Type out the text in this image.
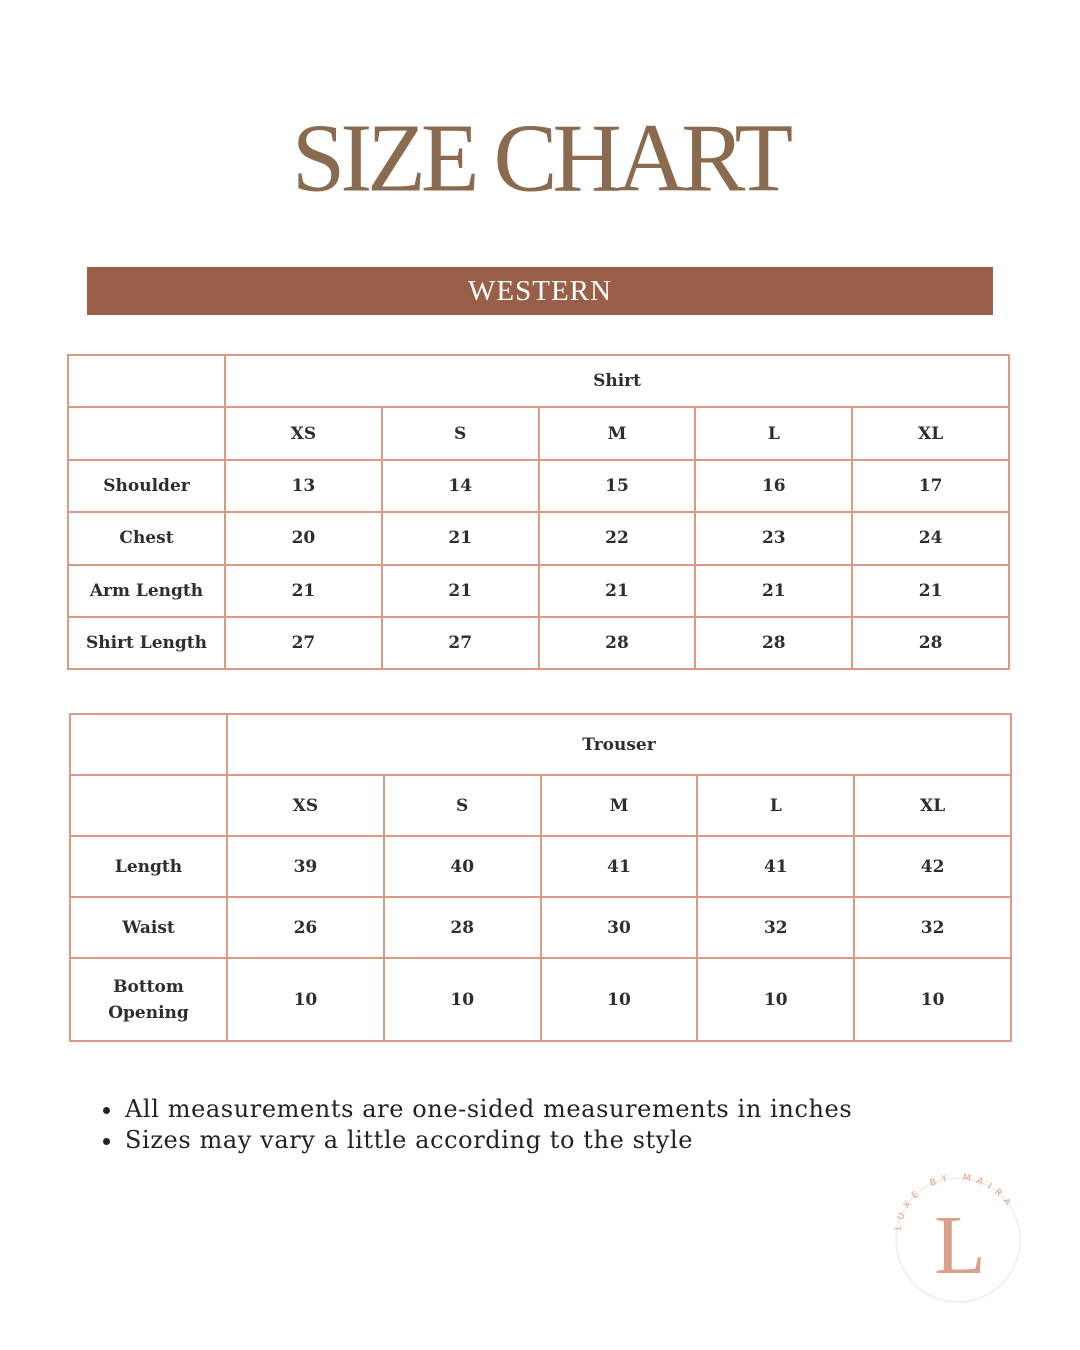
SIZE CHART
WESTERN
	Shirt				
	XS	S	M	L	XL
Shoulder	13	14	15	16	17
Chest	20	21	22	23	24
Arm Length	21	21	21	21	21
Shirt Length	27	27	28	28	28
	Trouser				
	XS	S	M	L	XL
Length	39	40	41	41	42
Waist	26	28	30	32	32
Bottom Opening	10	10	10	10	10
All measurements are one-sided measurements in inches
Sizes may vary a little according to the style
LUXE BY MAIRA
L
